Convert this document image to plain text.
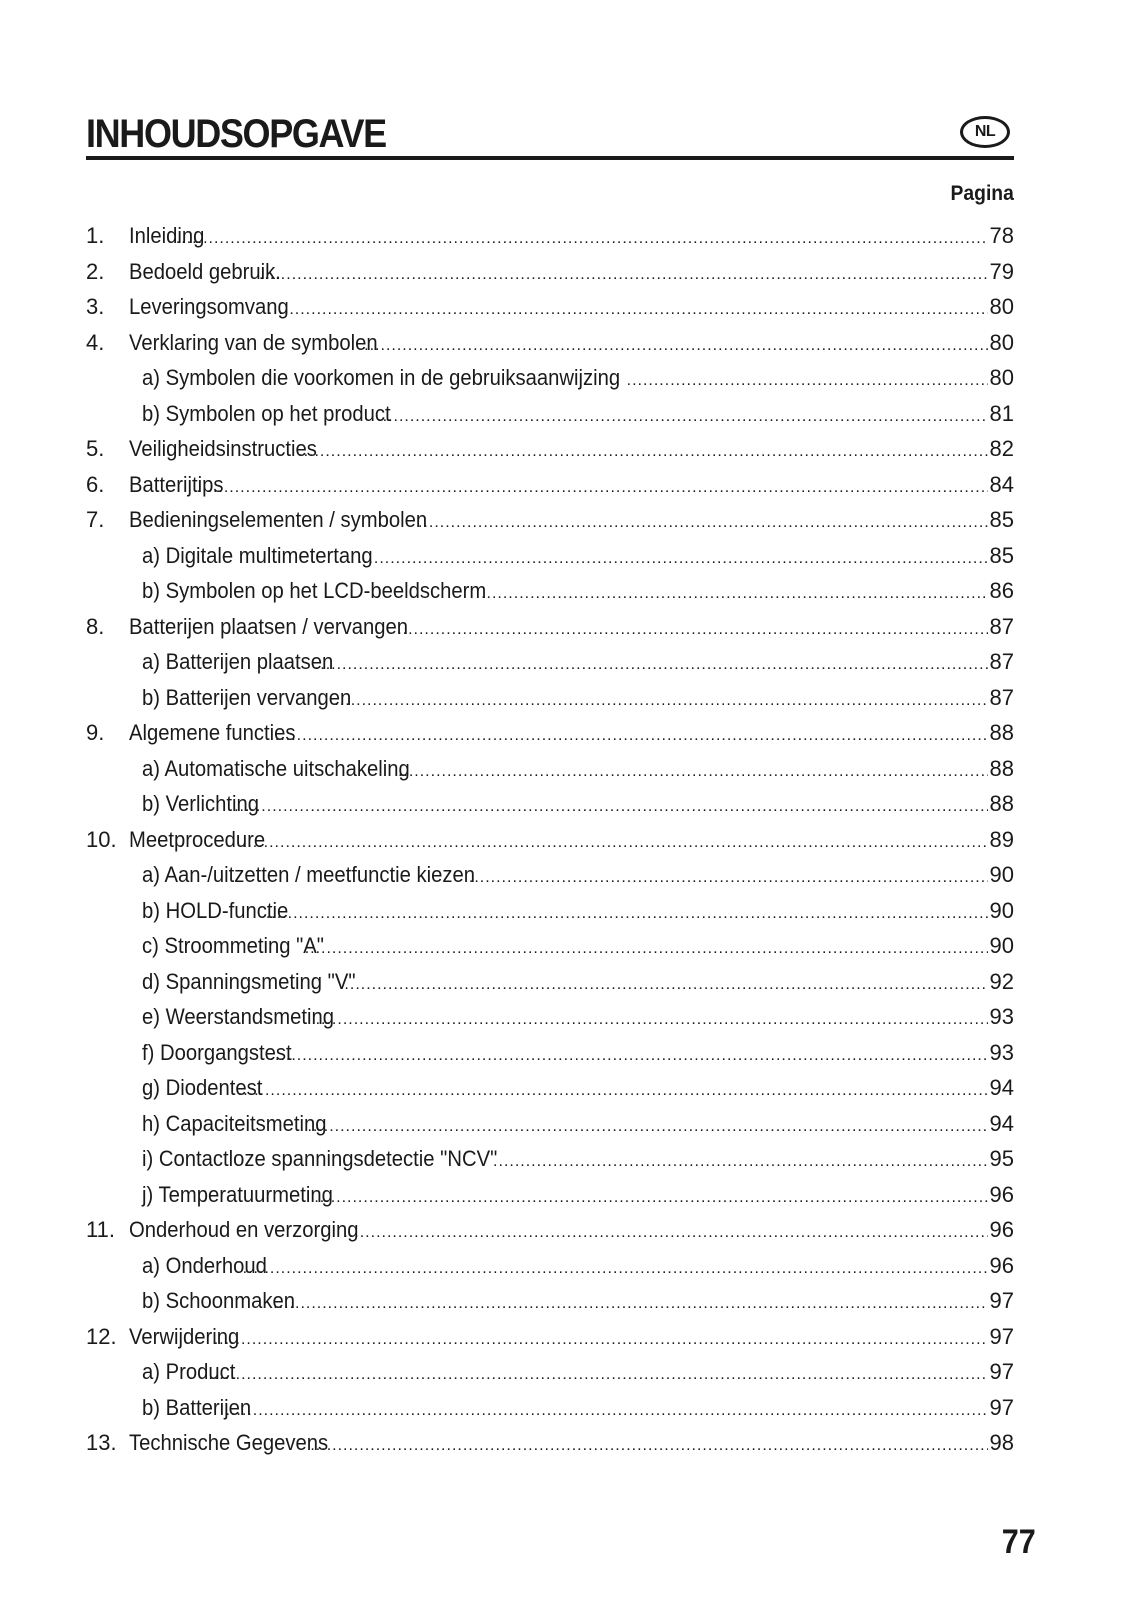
INHOUDSOPGAVE	NL
Pagina
1.	Inleiding .....	78
2.	Bedoeld gebruik. .....	79
3.	Leveringsomvang .....	80
4.	Verklaring van de symbolen .....	80
a) Symbolen die voorkomen in de gebruiksaanwijzing .....	80
b) Symbolen op het product .....	81
5.	Veiligheidsinstructies .....	82
6.	Batterijtips .....	84
7.	Bedieningselementen / symbolen .....	85
a) Digitale multimetertang .....	85
b) Symbolen op het LCD-beeldscherm .....	86
8.	Batterijen plaatsen / vervangen .....	87
a) Batterijen plaatsen .....	87
b) Batterijen vervangen .....	87
9.	Algemene functies .....	88
a) Automatische uitschakeling .....	88
b) Verlichting .....	88
10. Meetprocedure .....	89
a) Aan-/uitzetten / meetfunctie kiezen .....	90
b) HOLD-functie .....	90
c) Stroommeting "A" .....	90
d) Spanningsmeting "V" .....	92
e) Weerstandsmeting .....	93
f) Doorgangstest .....	93
g) Diodentest .....	94
h) Capaciteitsmeting .....	94
i) Contactloze spanningsdetectie "NCV" .....	95
j) Temperatuurmeting .....	96
11. Onderhoud en verzorging .....	96
a) Onderhoud .....	96
b) Schoonmaken .....	97
12. Verwijdering .....	97
a) Product .....	97
b) Batterijen .....	97
13. Technische Gegevens .....	98
77
